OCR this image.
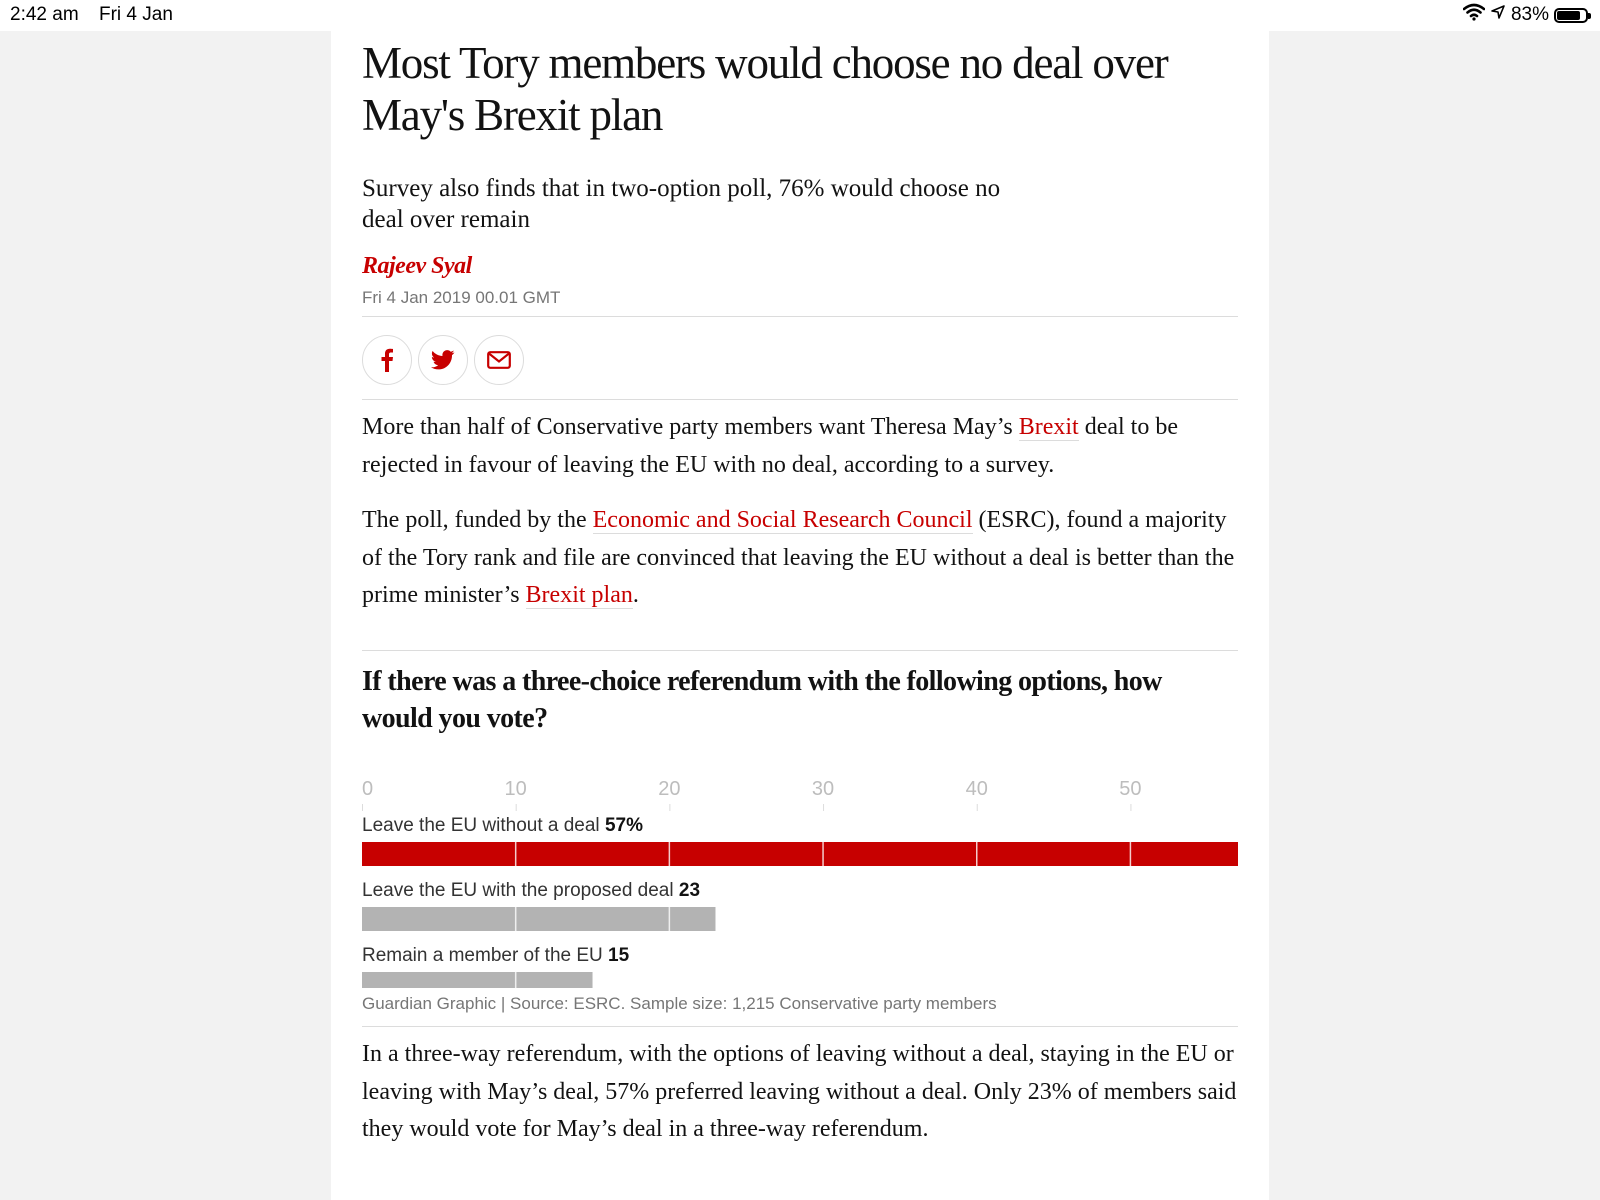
2:42 am Fri 4 Jan	83%
Most Tory members would choose no deal over May's Brexit plan

Survey also finds that in two-option poll, 76% would choose no deal over remain

Rajeev Syal
Fri 4 Jan 2019 00.01 GMT

More than half of Conservative party members want Theresa May’s Brexit deal to be rejected in favour of leaving the EU with no deal, according to a survey.

The poll, funded by the Economic and Social Research Council (ESRC), found a majority of the Tory rank and file are convinced that leaving the EU without a deal is better than the prime minister’s Brexit plan.

If there was a three-choice referendum with the following options, how would you vote?
0	10	20	30	40	50
Leave the EU without a deal 57%
Leave the EU with the proposed deal 23
Remain a member of the EU 15
Guardian Graphic | Source: ESRC. Sample size: 1,215 Conservative party members

In a three-way referendum, with the options of leaving without a deal, staying in the EU or leaving with May’s deal, 57% preferred leaving without a deal. Only 23% of members said they would vote for May’s deal in a three-way referendum.
